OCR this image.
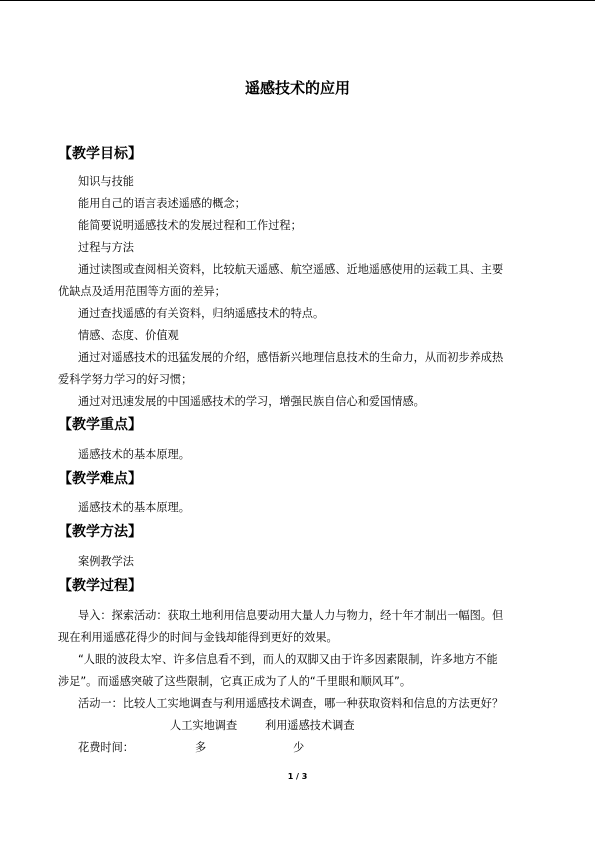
遥感技术的应用
【教学目标】
知识与技能
能用自己的语言表述遥感的概念；
能简要说明遥感技术的发展过程和工作过程；
过程与方法
通过读图或查阅相关资料，比较航天遥感、航空遥感、近地遥感使用的运载工具、主要
优缺点及适用范围等方面的差异；
通过查找遥感的有关资料，归纳遥感技术的特点。
情感、态度、价值观
通过对遥感技术的迅猛发展的介绍，感悟新兴地理信息技术的生命力，从而初步养成热
爱科学努力学习的好习惯；
通过对迅速发展的中国遥感技术的学习，增强民族自信心和爱国情感。
【教学重点】
遥感技术的基本原理。
【教学难点】
遥感技术的基本原理。
【教学方法】
案例教学法
【教学过程】
导入：探索活动：获取土地利用信息要动用大量人力与物力，经十年才制出一幅图。但
现在利用遥感花得少的时间与金钱却能得到更好的效果。
“人眼的波段太窄、许多信息看不到，而人的双脚又由于许多因素限制，许多地方不能
涉足”。而遥感突破了这些限制，它真正成为了人的“千里眼和顺风耳”。
活动一：比较人工实地调查与利用遥感技术调查，哪一种获取资料和信息的方法更好？
人工实地调查 利用遥感技术调查
花费时间：	多	少
1 / 3
